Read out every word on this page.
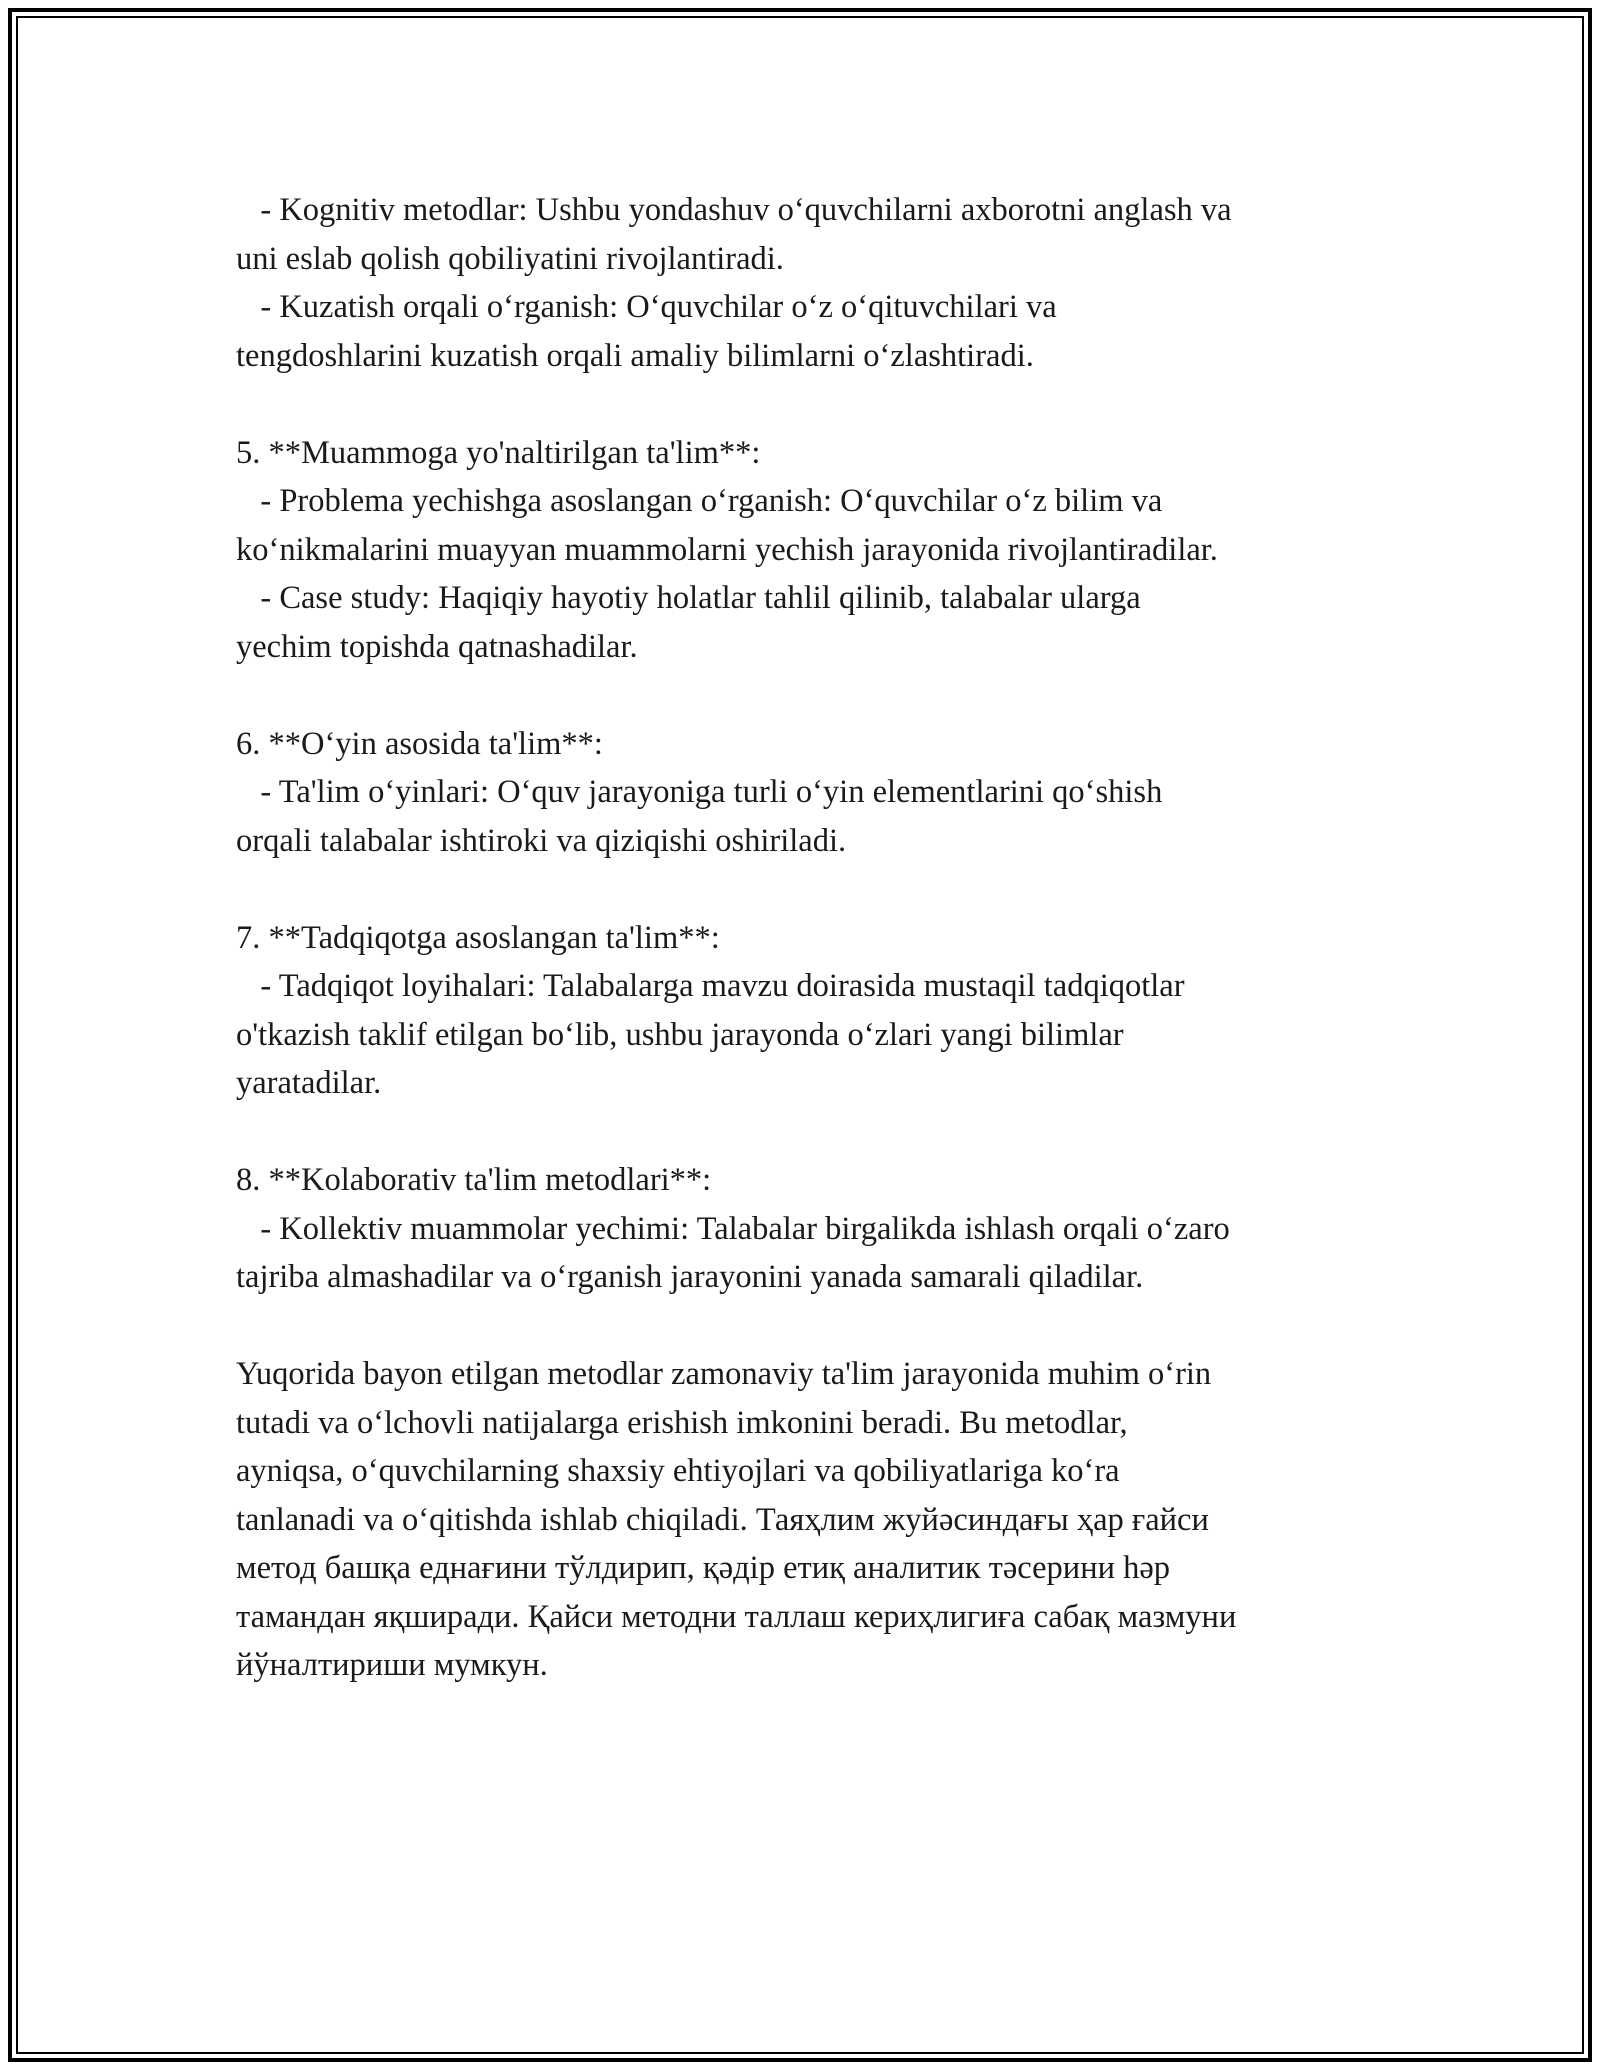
- Kognitiv metodlar: Ushbu yondashuv o‘quvchilarni axborotni anglash va

uni eslab qolish qobiliyatini rivojlantiradi.

- Kuzatish orqali o‘rganish: O‘quvchilar o‘z o‘qituvchilari va

tengdoshlarini kuzatish orqali amaliy bilimlarni o‘zlashtiradi.

5. **Muammoga yo'naltirilgan ta'lim**:

- Problema yechishga asoslangan o‘rganish: O‘quvchilar o‘z bilim va

ko‘nikmalarini muayyan muammolarni yechish jarayonida rivojlantiradilar.

- Case study: Haqiqiy hayotiy holatlar tahlil qilinib, talabalar ularga

yechim topishda qatnashadilar.

6. **O‘yin asosida ta'lim**:

- Ta'lim o‘yinlari: O‘quv jarayoniga turli o‘yin elementlarini qo‘shish

orqali talabalar ishtiroki va qiziqishi oshiriladi.

7. **Tadqiqotga asoslangan ta'lim**:

- Tadqiqot loyihalari: Talabalarga mavzu doirasida mustaqil tadqiqotlar

o'tkazish taklif etilgan bo‘lib, ushbu jarayonda o‘zlari yangi bilimlar

yaratadilar.

8. **Kolaborativ ta'lim metodlari**:

- Kollektiv muammolar yechimi: Talabalar birgalikda ishlash orqali o‘zaro

tajriba almashadilar va o‘rganish jarayonini yanada samarali qiladilar.

Yuqorida bayon etilgan metodlar zamonaviy ta'lim jarayonida muhim o‘rin

tutadi va o‘lchovli natijalarga erishish imkonini beradi. Bu metodlar,

ayniqsa, o‘quvchilarning shaxsiy ehtiyojlari va qobiliyatlariga ko‘ra

tanlanadi va o‘qitishda ishlab chiqiladi. Таяҳлим жуйәсиндағы ҳар ғайси

метод башқа еднағини тўлдирип, қәдір етиқ аналитик тәсерини һәр

тамандан яқширади. Қайси методни таллаш кериҳлигиға сабақ мазмуни

йўналтириши мумкун.
